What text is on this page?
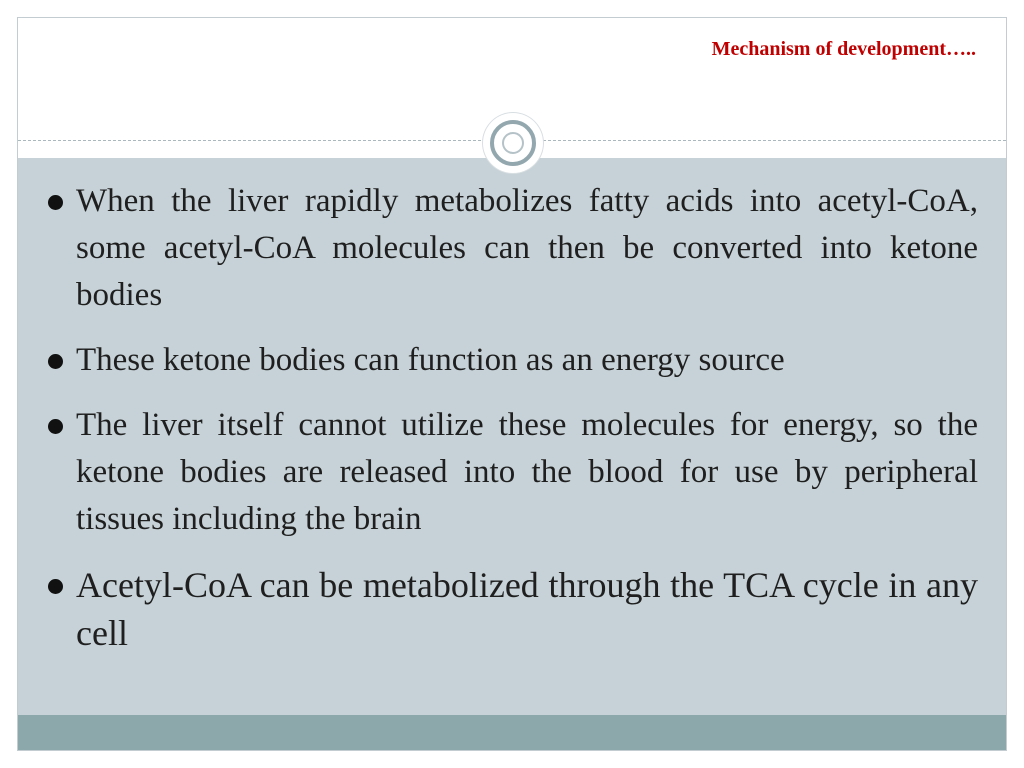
Mechanism of development…..
When the liver rapidly metabolizes fatty acids into acetyl-CoA, some acetyl-CoA molecules can then be converted into ketone bodies
These ketone bodies can function as an energy source
The liver itself cannot utilize these molecules for energy, so the ketone bodies are released into the blood for use by peripheral tissues including the brain
Acetyl-CoA can be metabolized through the TCA cycle in any cell
